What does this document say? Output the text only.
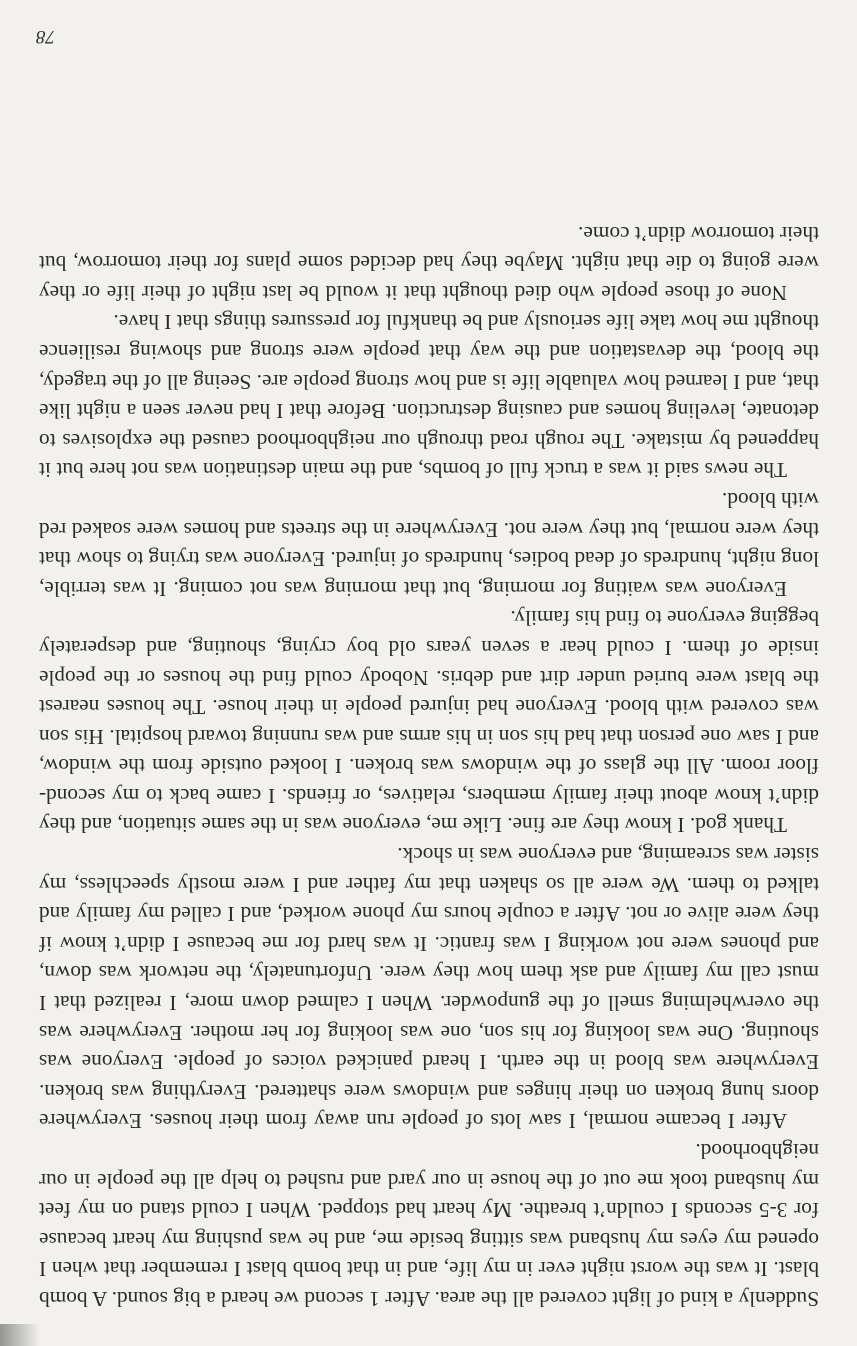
Suddenly a kind of light covered all the area. After 1 second we heard a big sound. A bomb blast. It was the worst night ever in my life, and in that bomb blast I remember that when I opened my eyes my husband was sitting beside me, and he was pushing my heart because for 3-5 seconds I couldn’t breathe. My heart had stopped. When I could stand on my feet my husband took me out of the house in our yard and rushed to help all the people in our neighborhood.

After I became normal, I saw lots of people run away from their houses. Everywhere doors hung broken on their hinges and windows were shattered. Everything was broken. Everywhere was blood in the earth. I heard panicked voices of people. Everyone was shouting. One was looking for his son, one was looking for her mother. Everywhere was the overwhelming smell of the gunpowder. When I calmed down more, I realized that I must call my family and ask them how they were. Unfortunately, the network was down, and phones were not working I was frantic. It was hard for me because I didn’t know if they were alive or not. After a couple hours my phone worked, and I called my family and talked to them. We were all so shaken that my father and I were mostly speechless, my sister was screaming, and everyone was in shock.

Thank god. I know they are fine. Like me, everyone was in the same situation, and they didn’t know about their family members, relatives, or friends. I came back to my second-floor room. All the glass of the windows was broken. I looked outside from the window, and I saw one person that had his son in his arms and was running toward hospital. His son was covered with blood. Everyone had injured people in their house. The houses nearest the blast were buried under dirt and debris. Nobody could find the houses or the people inside of them. I could hear a seven years old boy crying, shouting, and desperately begging everyone to find his family.

Everyone was waiting for morning, but that morning was not coming. It was terrible, long night, hundreds of dead bodies, hundreds of injured. Everyone was trying to show that they were normal, but they were not. Everywhere in the streets and homes were soaked red with blood.

The news said it was a truck full of bombs, and the main destination was not here but it happened by mistake. The rough road through our neighborhood caused the explosives to detonate, leveling homes and causing destruction. Before that I had never seen a night like that, and I learned how valuable life is and how strong people are. Seeing all of the tragedy, the blood, the devastation and the way that people were strong and showing resilience thought me how take life seriously and be thankful for pressures things that I have.

None of those people who died thought that it would be last night of their life or they were going to die that night. Maybe they had decided some plans for their tomorrow, but their tomorrow didn’t come.

78
